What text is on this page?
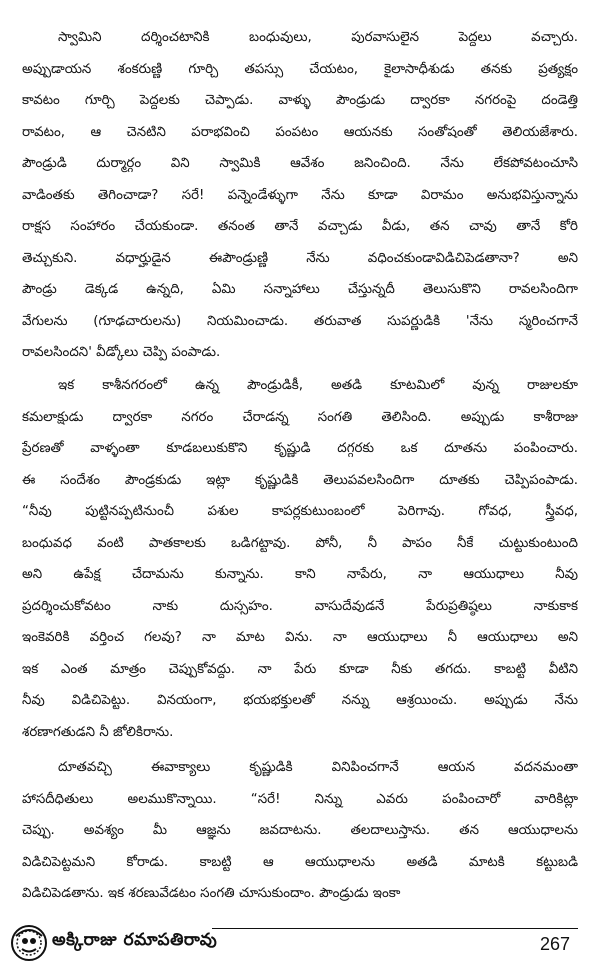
స్వామిని దర్శించటానికి బంధువులు, పురవాసులైన పెద్దలు వచ్చారు.
అప్పుడాయన శంకరుణ్ణి గూర్చి తపస్సు చేయటం, కైలాసాధీశుడు తనకు ప్రత్యక్షం
కావటం గూర్చి పెద్దలకు చెప్పాడు. వాళ్ళు పౌండ్రుడు ద్వారకా నగరంపై దండెత్తి
రావటం, ఆ చెనటిని పరాభవించి పంపటం ఆయనకు సంతోషంతో తెలియజేశారు.
పౌండ్రుడి దుర్మార్గం విని స్వామికి ఆవేశం జనించింది. నేను లేకపోవటంచూసి
వాడింతకు తెగించాడా? సరే! పన్నెండేళ్ళుగా నేను కూడా విరామం అనుభవిస్తున్నాను
రాక్షస సంహారం చేయకుండా. తనంత తానే వచ్చాడు వీడు, తన చావు తానే కోరి
తెచ్చుకుని. వధార్హుడైన ఈపౌండ్రుణ్ణి నేను వధించకుండావిడిచిపెడతానా? అని
పౌండ్రు డెక్కడ ఉన్నది, ఏమి సన్నాహాలు చేస్తున్నదీ తెలుసుకొని రావలసిందిగా
వేగులను (గూఢచారులను) నియమించాడు. తరువాత సుపర్ణుడికి 'నేను స్మరించగానే
రావలసిందని' వీడ్కోలు చెప్పి పంపాడు.
ఇక కాశీనగరంలో ఉన్న పౌండ్రుడికీ, అతడి కూటమిలో వున్న రాజులకూ
కమలాక్షుడు ద్వారకా నగరం చేరాడన్న సంగతి తెలిసింది. అప్పుడు కాశీరాజు
ప్రేరణతో వాళ్ళంతా కూడబలుకుకొని కృష్ణుడి దగ్గరకు ఒక దూతను పంపించారు.
ఈ సందేశం పౌండ్రకుడు ఇట్లా కృష్ణుడికి తెలుపవలసిందిగా దూతకు చెప్పిపంపాడు.
“నీవు పుట్టినప్పటినుంచీ పశుల కాపర్లకుటుంబంలో పెరిగావు. గోవధ, స్త్రీవధ,
బంధువధ వంటి పాతకాలకు ఒడిగట్టావు. పోనీ, నీ పాపం నీకే చుట్టుకుంటుంది
అని ఉపేక్ష చేదామను కున్నాను. కాని నాపేరు, నా ఆయుధాలు నీవు
ప్రదర్శించుకోవటం నాకు దుస్సహం. వాసుదేవుడనే పేరుప్రతిష్ఠలు నాకుకాక
ఇంకెవరికి వర్తించ గలవు? నా మాట విను. నా ఆయుధాలు నీ ఆయుధాలు అని
ఇక ఎంత మాత్రం చెప్పుకోవద్దు. నా పేరు కూడా నీకు తగదు. కాబట్టి వీటిని
నీవు విడిచిపెట్టు. వినయంగా, భయభక్తులతో నన్ను ఆశ్రయించు. అప్పుడు నేను
శరణాగతుడని నీ జోలికిరాను.
దూతవచ్చి ఈవాక్యాలు కృష్ణుడికి వినిపించగానే ఆయన వదనమంతా
హాసదీధితులు అలముకొన్నాయి. “సరే! నిన్ను ఎవరు పంపించారో వారికిట్లా
చెప్పు. అవశ్యం మీ ఆజ్ఞను జవదాటను. తలదాలుస్తాను. తన ఆయుధాలను
విడిచిపెట్టమని కోరాడు. కాబట్టి ఆ ఆయుధాలను అతడి మాటకి కట్టుబడి
విడిచిపెడతాను. ఇక శరణువేడటం సంగతి చూసుకుందాం. పౌండ్రుడు ఇంకా
అక్కిరాజు రమాపతిరావు	267
